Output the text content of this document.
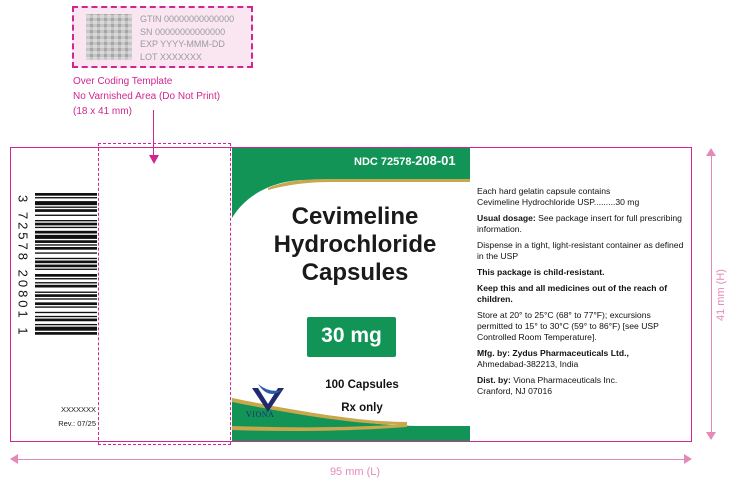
GTIN 00000000000000
SN 00000000000000
EXP YYYY-MMM-DD
LOT XXXXXXX
Over Coding Template
No Varnished Area (Do Not Print)
(18 x 41 mm)
3 72578 20801 1
XXXXXXX
Rev.: 07/25
NDC 72578-208-01
Cevimeline
Hydrochloride
Capsules
30 mg
VIONA
100 Capsules
Rx only

Each hard gelatin capsule contains
Cevimeline Hydrochloride USP.........30 mg

Usual dosage: See package insert for full prescribing information.

Dispense in a tight, light-resistant container as defined in the USP

This package is child-resistant.

Keep this and all medicines out of the reach of children.

Store at 20° to 25°C (68° to 77°F); excursions permitted to 15° to 30°C (59° to 86°F) [see USP Controlled Room Temperature].

Mfg. by: Zydus Pharmaceuticals Ltd.,
Ahmedabad-382213, India

Dist. by: Viona Pharmaceuticals Inc.
Cranford, NJ 07016

41 mm (H)
95 mm (L)
